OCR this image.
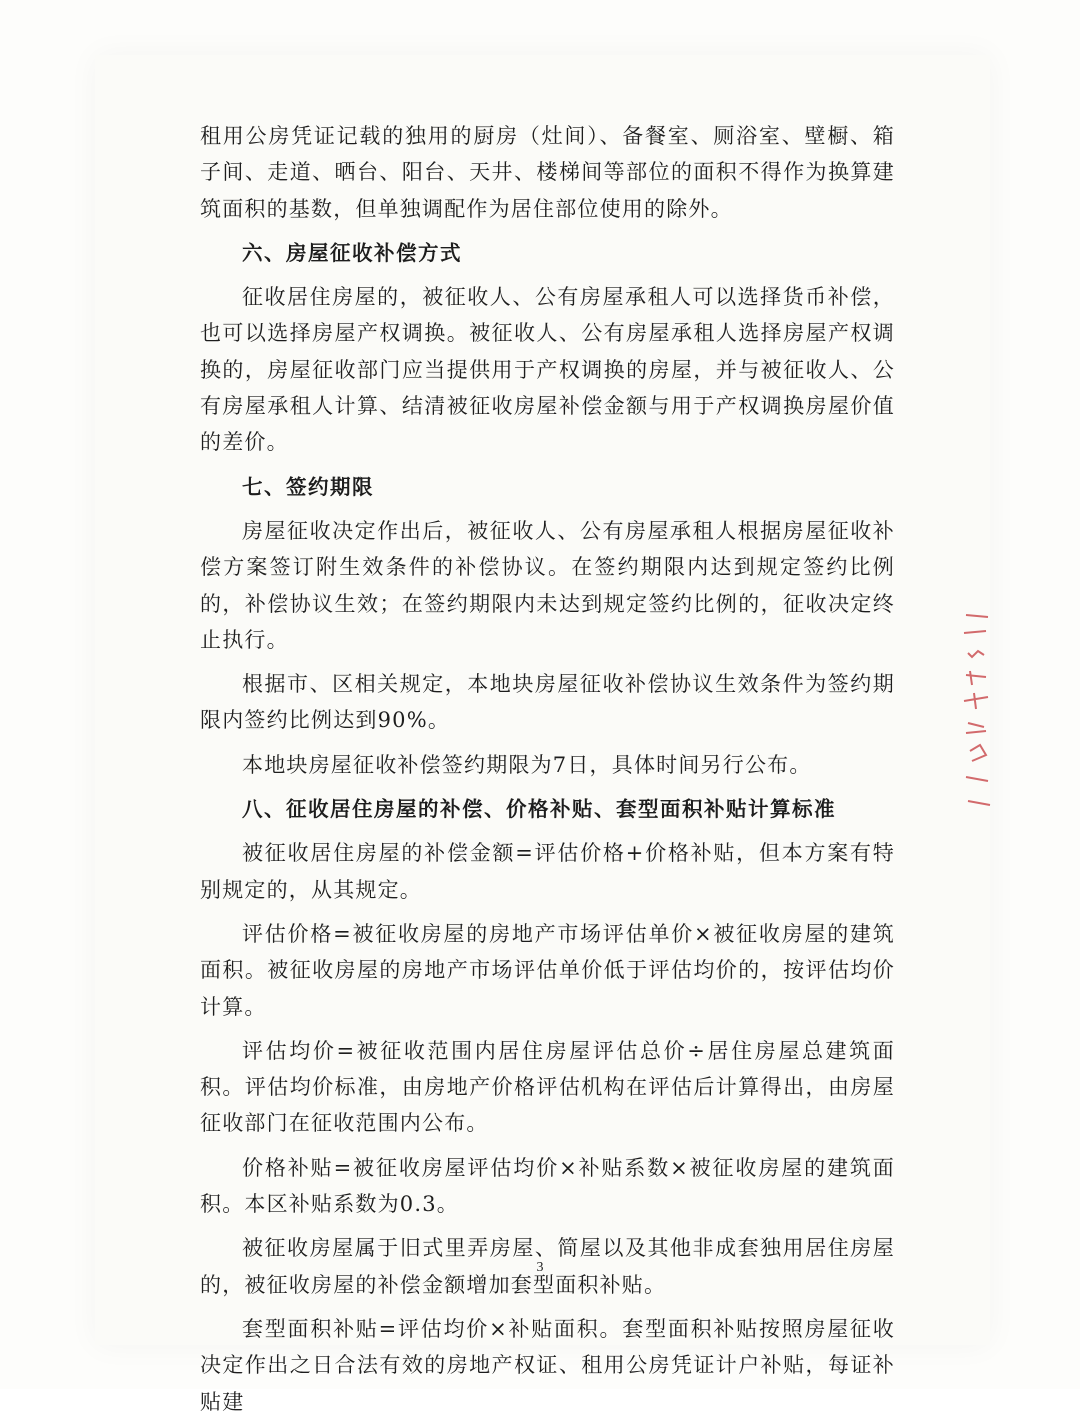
租用公房凭证记载的独用的厨房（灶间）、备餐室、厕浴室、壁橱、箱子间、走道、晒台、阳台、天井、楼梯间等部位的面积不得作为换算建筑面积的基数，但单独调配作为居住部位使用的除外。

六、房屋征收补偿方式

征收居住房屋的，被征收人、公有房屋承租人可以选择货币补偿，也可以选择房屋产权调换。被征收人、公有房屋承租人选择房屋产权调换的，房屋征收部门应当提供用于产权调换的房屋，并与被征收人、公有房屋承租人计算、结清被征收房屋补偿金额与用于产权调换房屋价值的差价。

七、签约期限

房屋征收决定作出后，被征收人、公有房屋承租人根据房屋征收补偿方案签订附生效条件的补偿协议。在签约期限内达到规定签约比例的，补偿协议生效；在签约期限内未达到规定签约比例的，征收决定终止执行。

根据市、区相关规定，本地块房屋征收补偿协议生效条件为签约期限内签约比例达到90%。

本地块房屋征收补偿签约期限为7日，具体时间另行公布。

八、征收居住房屋的补偿、价格补贴、套型面积补贴计算标准

被征收居住房屋的补偿金额=评估价格+价格补贴，但本方案有特别规定的，从其规定。

评估价格=被征收房屋的房地产市场评估单价×被征收房屋的建筑面积。被征收房屋的房地产市场评估单价低于评估均价的，按评估均价计算。

评估均价=被征收范围内居住房屋评估总价÷居住房屋总建筑面积。评估均价标准，由房地产价格评估机构在评估后计算得出，由房屋征收部门在征收范围内公布。

价格补贴=被征收房屋评估均价×补贴系数×被征收房屋的建筑面积。本区补贴系数为0.3。

被征收房屋属于旧式里弄房屋、简屋以及其他非成套独用居住房屋的，被征收房屋的补偿金额增加套型面积补贴。

套型面积补贴=评估均价×补贴面积。套型面积补贴按照房屋征收决定作出之日合法有效的房地产权证、租用公房凭证计户补贴，每证补贴建

3
